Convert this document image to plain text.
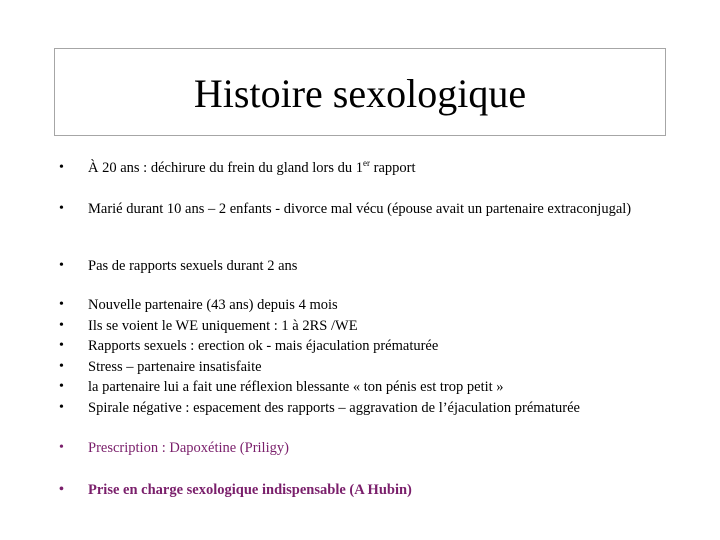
Histoire sexologique
• À 20 ans : déchirure du frein du gland lors du 1er rapport
• Marié durant 10 ans – 2 enfants - divorce mal vécu (épouse avait un partenaire extraconjugal)
• Pas de rapports sexuels durant 2 ans
• Nouvelle partenaire (43 ans) depuis 4 mois
• Ils se voient le WE uniquement : 1 à 2RS /WE
• Rapports sexuels : erection ok - mais éjaculation prématurée
• Stress – partenaire insatisfaite
• la partenaire lui a fait une réflexion blessante « ton pénis est trop petit »
• Spirale négative : espacement des rapports – aggravation de l’éjaculation prématurée
• Prescription : Dapoxétine (Priligy)
• Prise en charge sexologique indispensable (A Hubin)
